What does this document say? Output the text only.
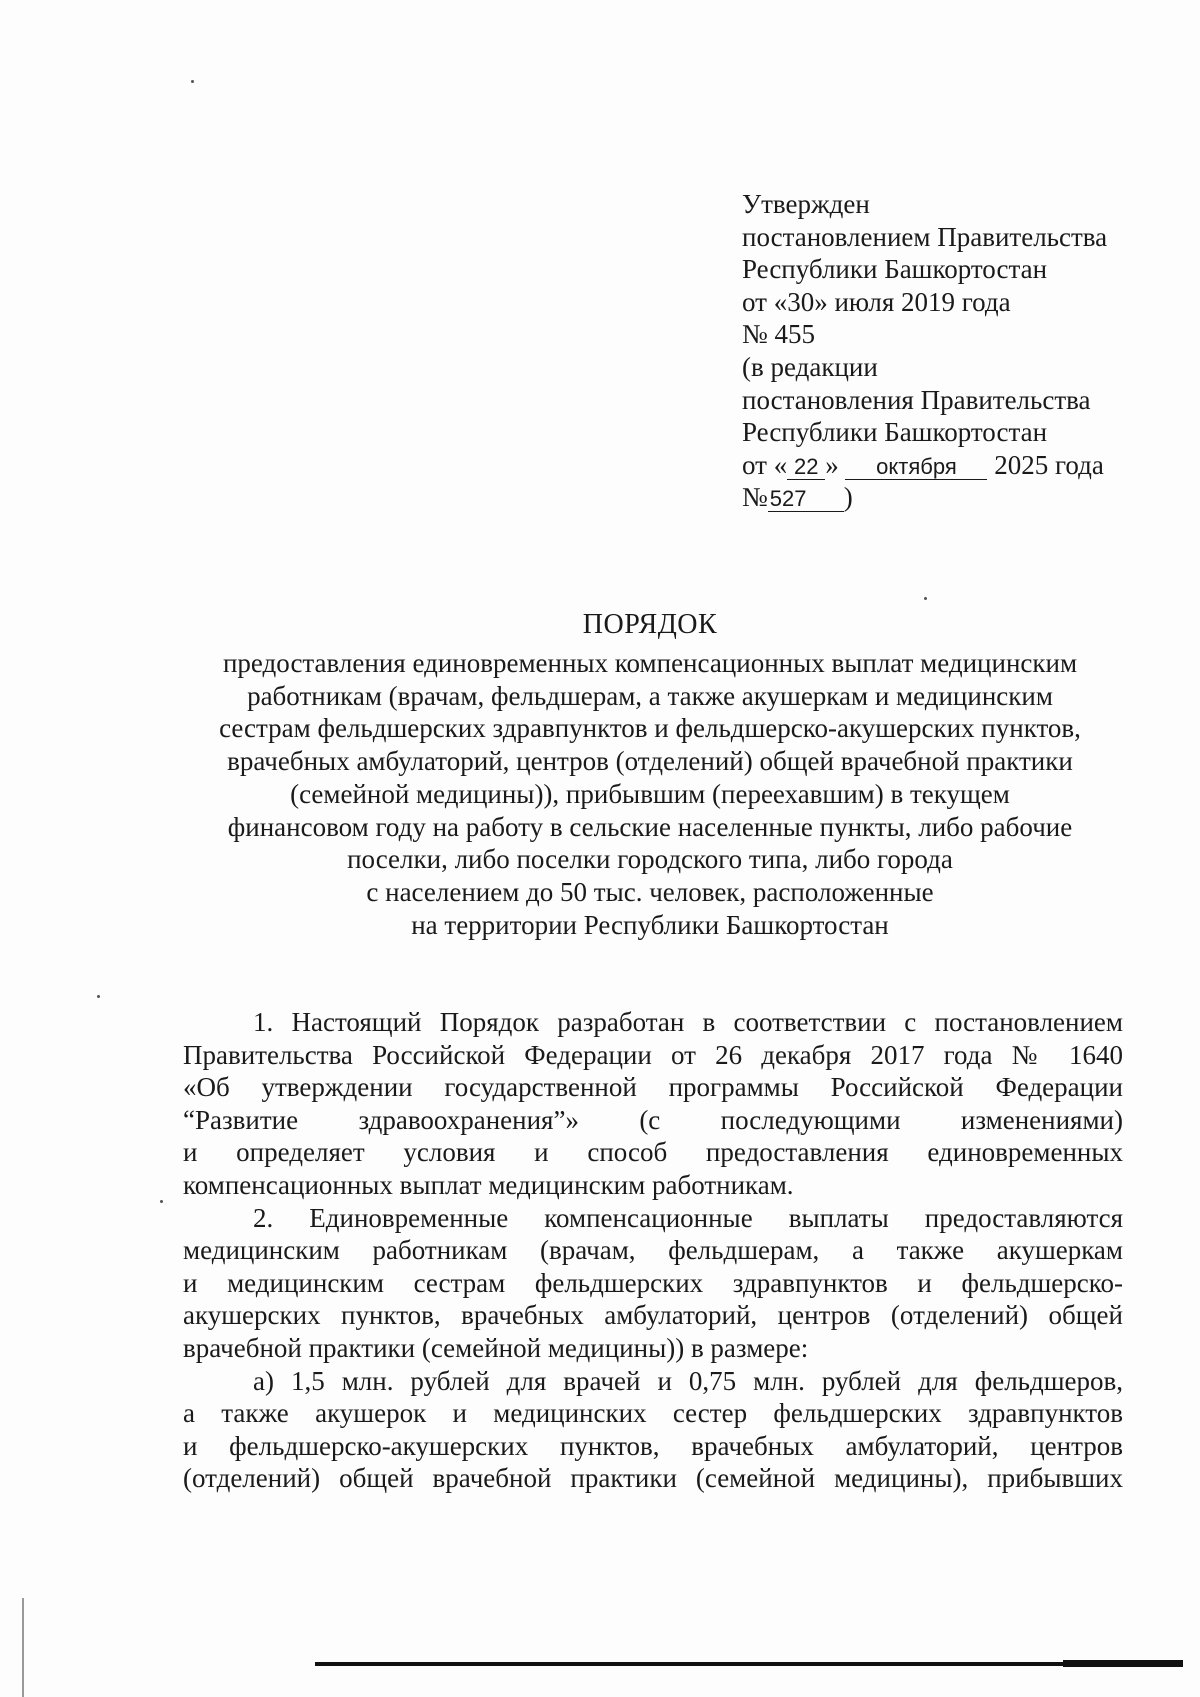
Утвержден
постановлением Правительства
Республики Башкортостан
от «30» июля 2019 года
№ 455
(в редакции
постановления Правительства
Республики Башкортостан
от « 22 » октября 2025 года
№527 )
ПОРЯДОК
предоставления единовременных компенсационных выплат медицинским
работникам (врачам, фельдшерам, а также акушеркам и медицинским
сестрам фельдшерских здравпунктов и фельдшерско-акушерских пунктов,
врачебных амбулаторий, центров (отделений) общей врачебной практики
(семейной медицины)), прибывшим (переехавшим) в текущем
финансовом году на работу в сельские населенные пункты, либо рабочие
поселки, либо поселки городского типа, либо города
с населением до 50 тыс. человек, расположенные
на территории Республики Башкортостан
1. Настоящий Порядок разработан в соответствии с постановлением
Правительства Российской Федерации от 26 декабря 2017 года № 1640
«Об утверждении государственной программы Российской Федерации
“Развитие здравоохранения”» (с последующими изменениями)
и определяет условия и способ предоставления единовременных
компенсационных выплат медицинским работникам.
2. Единовременные компенсационные выплаты предоставляются
медицинским работникам (врачам, фельдшерам, а также акушеркам
и медицинским сестрам фельдшерских здравпунктов и фельдшерско-
акушерских пунктов, врачебных амбулаторий, центров (отделений) общей
врачебной практики (семейной медицины)) в размере:
а) 1,5 млн. рублей для врачей и 0,75 млн. рублей для фельдшеров,
а также акушерок и медицинских сестер фельдшерских здравпунктов
и фельдшерско-акушерских пунктов, врачебных амбулаторий, центров
(отделений) общей врачебной практики (семейной медицины), прибывших
